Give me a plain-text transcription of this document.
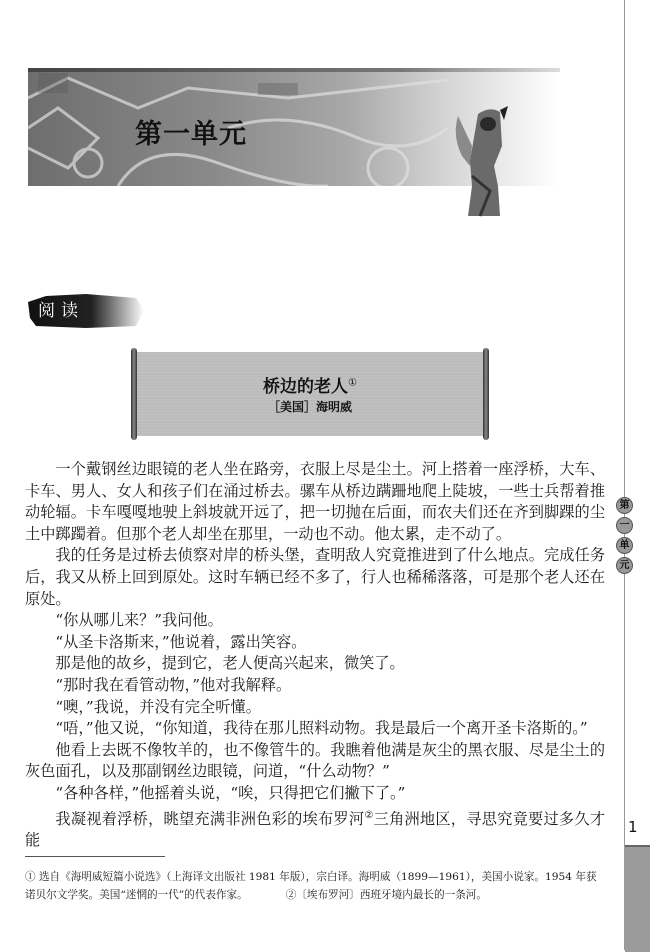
第一单元
阅读
桥边的老人①
［美国］海明威

一个戴钢丝边眼镜的老人坐在路旁，衣服上尽是尘土。河上搭着一座浮桥，大车、卡车、男人、女人和孩子们在涌过桥去。骡车从桥边蹒跚地爬上陡坡，一些士兵帮着推动轮辐。卡车嘎嘎地驶上斜坡就开远了，把一切抛在后面，而农夫们还在齐到脚踝的尘土中踯躅着。但那个老人却坐在那里，一动也不动。他太累，走不动了。

我的任务是过桥去侦察对岸的桥头堡，查明敌人究竟推进到了什么地点。完成任务后，我又从桥上回到原处。这时车辆已经不多了，行人也稀稀落落，可是那个老人还在原处。

“你从哪儿来？”我问他。

“从圣卡洛斯来，”他说着，露出笑容。

那是他的故乡，提到它，老人便高兴起来，微笑了。

“那时我在看管动物，”他对我解释。

“噢，”我说，并没有完全听懂。

“唔，”他又说，“你知道，我待在那儿照料动物。我是最后一个离开圣卡洛斯的。”

他看上去既不像牧羊的，也不像管牛的。我瞧着他满是灰尘的黑衣服、尽是尘土的灰色面孔，以及那副钢丝边眼镜，问道，“什么动物？”

“各种各样，”他摇着头说，“唉，只得把它们撇下了。”

我凝视着浮桥，眺望充满非洲色彩的埃布罗河②三角洲地区，寻思究竟要过多久才能

第
一
单
元
1
① 选自《海明威短篇小说选》（上海译文出版社 1981 年版），宗白译。海明威（1899—1961），美国小说家。1954 年获
诺贝尔文学奖。美国“迷惘的一代”的代表作家。	②〔埃布罗河〕西班牙境内最长的一条河。
